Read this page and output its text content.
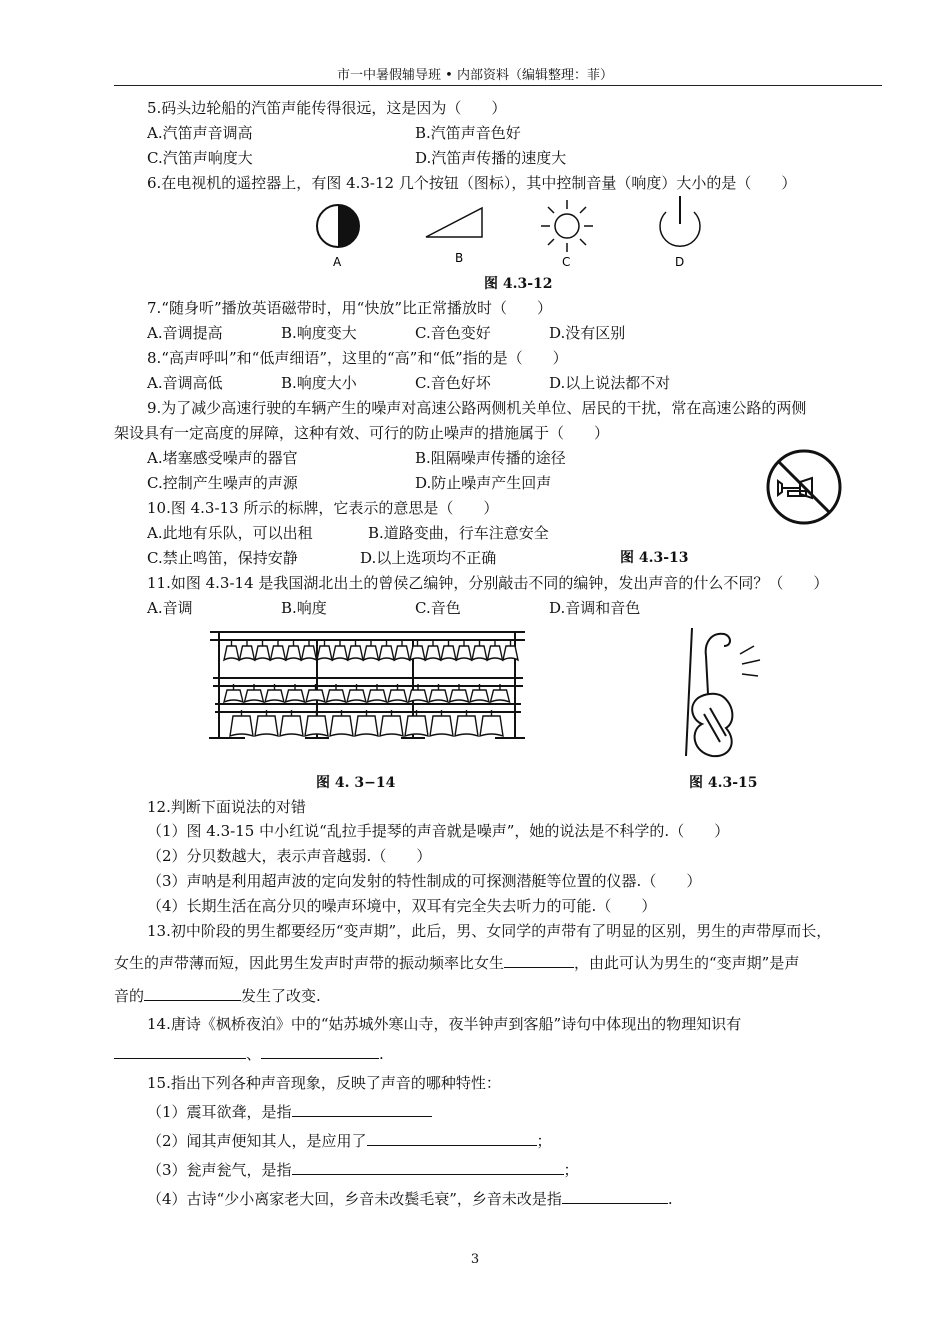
市一中暑假辅导班 • 内部资料（编辑整理：菲）
5.码头边轮船的汽笛声能传得很远，这是因为（　　）
A.汽笛声音调高	B.汽笛声音色好
C.汽笛声响度大	D.汽笛声传播的速度大
6.在电视机的遥控器上，有图 4.3-12 几个按钮（图标），其中控制音量（响度）大小的是（　　）
A	B	C	D
图 4.3-12
7.“随身听”播放英语磁带时，用“快放”比正常播放时（　　）
A.音调提高	B.响度变大	C.音色变好	D.没有区别
8.“高声呼叫”和“低声细语”，这里的“高”和“低”指的是（　　）
A.音调高低	B.响度大小	C.音色好坏	D.以上说法都不对
9.为了减少高速行驶的车辆产生的噪声对高速公路两侧机关单位、居民的干扰，常在高速公路的两侧
架设具有一定高度的屏障，这种有效、可行的防止噪声的措施属于（　　）
A.堵塞感受噪声的器官	B.阻隔噪声传播的途径
C.控制产生噪声的声源	D.防止噪声产生回声
10.图 4.3-13 所示的标牌，它表示的意思是（　　）
A.此地有乐队，可以出租	B.道路变曲，行车注意安全
C.禁止鸣笛，保持安静	D.以上选项均不正确	图 4.3-13
11.如图 4.3-14 是我国湖北出土的曾侯乙编钟，分别敲击不同的编钟，发出声音的什么不同？（　　）
A.音调	B.响度	C.音色	D.音调和音色
图 4. 3−14	图 4.3-15
12.判断下面说法的对错
（1）图 4.3-15 中小红说“乱拉手提琴的声音就是噪声”，她的说法是不科学的.（　　）
（2）分贝数越大，表示声音越弱.（　　）
（3）声呐是利用超声波的定向发射的特性制成的可探测潜艇等位置的仪器.（　　）
（4）长期生活在高分贝的噪声环境中，双耳有完全失去听力的可能.（　　）
13.初中阶段的男生都要经历“变声期”，此后，男、女同学的声带有了明显的区别，男生的声带厚而长，
女生的声带薄而短，因此男生发声时声带的振动频率比女生	，由此可认为男生的“变声期”是声
音的	发生了改变.
14.唐诗《枫桥夜泊》中的“姑苏城外寒山寺，夜半钟声到客船”诗句中体现出的物理知识有
、	.
15.指出下列各种声音现象，反映了声音的哪种特性：
（1）震耳欲聋，是指
（2）闻其声便知其人，是应用了	；
（3）瓮声瓮气，是指	；
（4）古诗“少小离家老大回，乡音未改鬓毛衰”，乡音未改是指	.
3
